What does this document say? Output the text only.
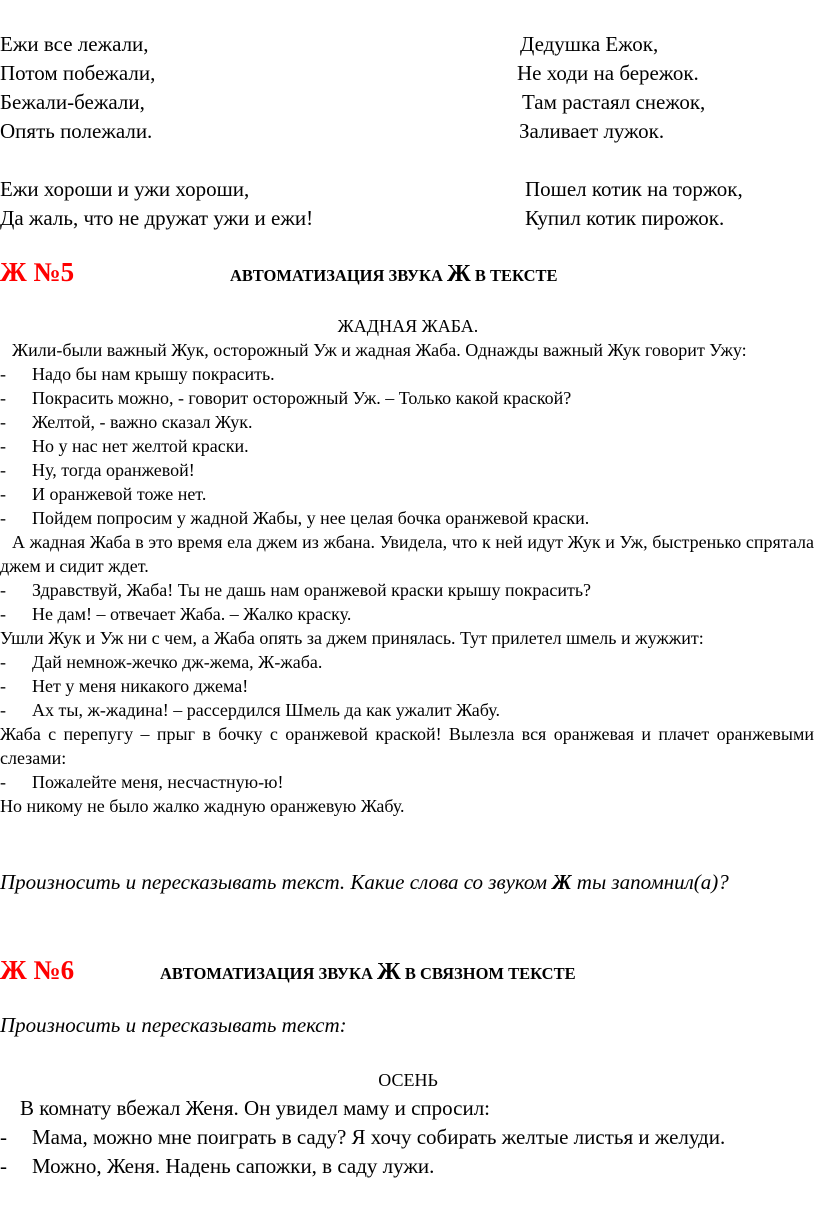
Ежи все лежали,
Потом побежали,
Бежали-бежали,
Опять полежали.
Ежи хороши и ужи хороши,
Да жаль, что не дружат ужи и ежи!
Дедушка Ежок,
Не ходи на бережок.
Там растаял снежок,
Заливает лужок.
Пошел котик на торжок,
Купил котик пирожок.
Ж №5	АВТОМАТИЗАЦИЯ ЗВУКА Ж В ТЕКСТЕ
ЖАДНАЯ ЖАБА.
Жили-были важный Жук, осторожный Уж и жадная Жаба. Однажды важный Жук говорит Ужу:
- Надо бы нам крышу покрасить.
- Покрасить можно, - говорит осторожный Уж. – Только какой краской?
- Желтой, - важно сказал Жук.
- Но у нас нет желтой краски.
- Ну, тогда оранжевой!
- И оранжевой тоже нет.
- Пойдем попросим у жадной Жабы, у нее целая бочка оранжевой краски.
А жадная Жаба в это время ела джем из жбана. Увидела, что к ней идут Жук и Уж, быстренько спрятала джем и сидит ждет.
- Здравствуй, Жаба! Ты не дашь нам оранжевой краски крышу покрасить?
- Не дам! – отвечает Жаба. – Жалко краску.
Ушли Жук и Уж ни с чем, а Жаба опять за джем принялась. Тут прилетел шмель и жужжит:
- Дай немнож-жечко дж-жема, Ж-жаба.
- Нет у меня никакого джема!
- Ах ты, ж-жадина! – рассердился Шмель да как ужалит Жабу.
Жаба с перепугу – прыг в бочку с оранжевой краской! Вылезла вся оранжевая и плачет оранжевыми слезами:
- Пожалейте меня, несчастную-ю!
Но никому не было жалко жадную оранжевую Жабу.
Произносить и пересказывать текст. Какие слова со звуком Ж ты запомнил(а)?
Ж №6	АВТОМАТИЗАЦИЯ ЗВУКА Ж В СВЯЗНОМ ТЕКСТЕ
Произносить и пересказывать текст:
ОСЕНЬ
В комнату вбежал Женя. Он увидел маму и спросил:
- Мама, можно мне поиграть в саду? Я хочу собирать желтые листья и желуди.
- Можно, Женя. Надень сапожки, в саду лужи.
